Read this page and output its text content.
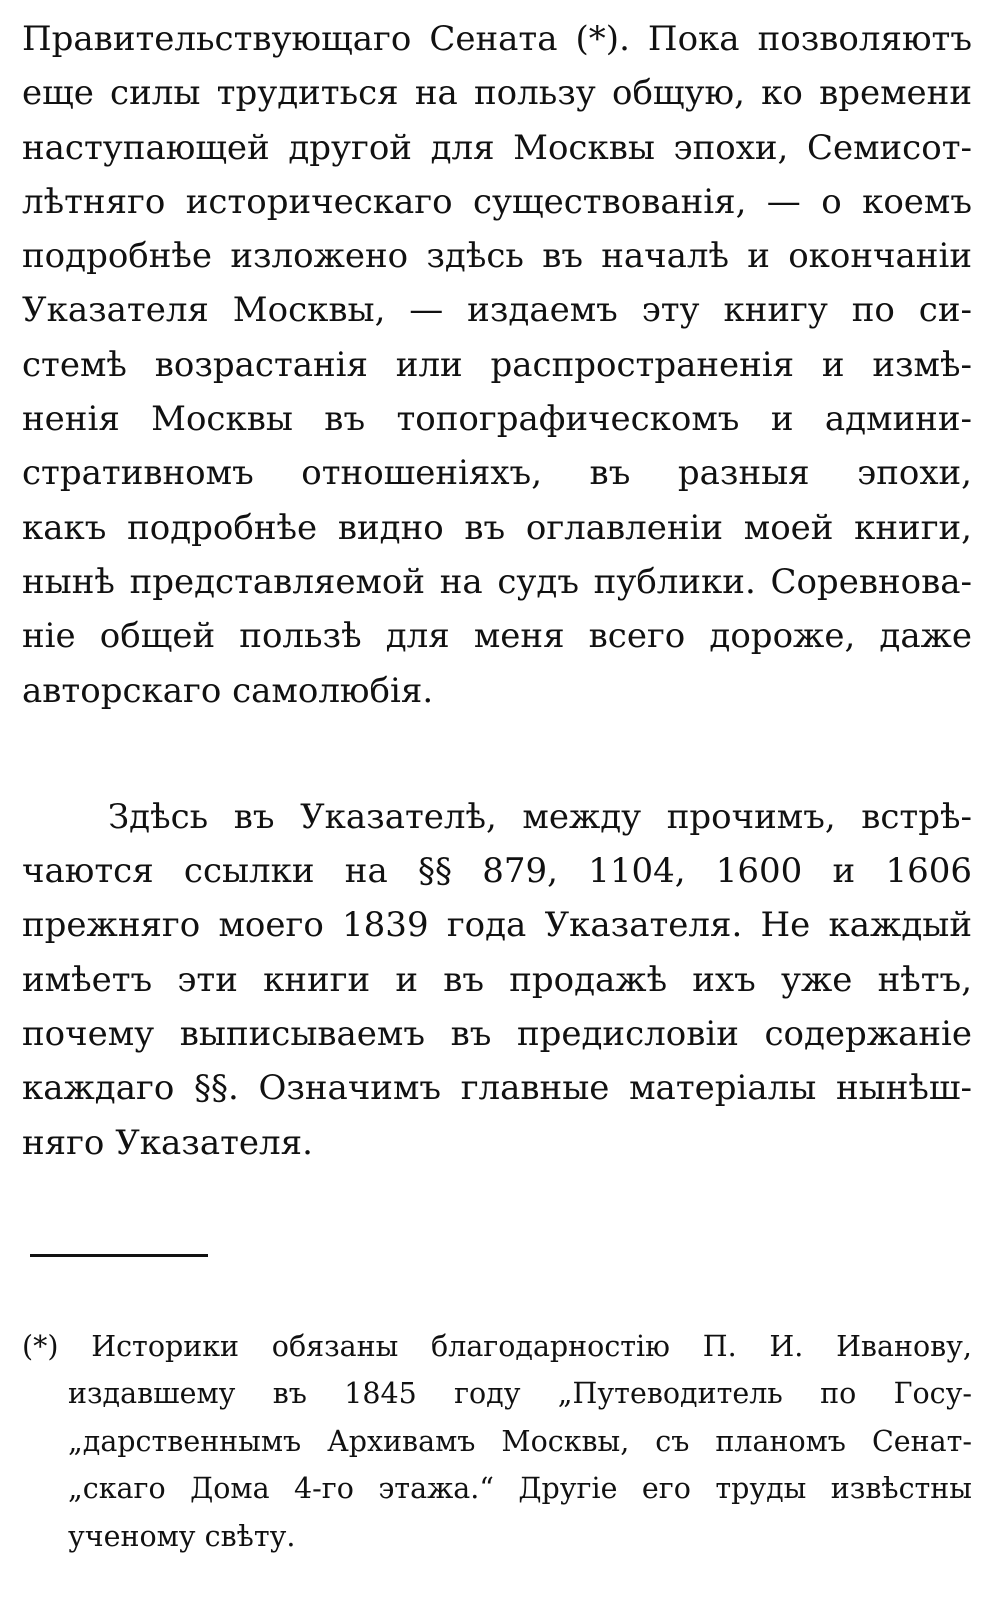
Правительствующаго Сената (*). Пока позволяютъ
еще силы трудиться на пользу общую, ко времени
наступающей другой для Москвы эпохи, Семисот-
лѣтняго историческаго существованія, — о коемъ
подробнѣе изложено здѣсь въ началѣ и окончаніи
Указателя Москвы, — издаемъ эту книгу по си-
стемѣ возрастанія или распространенія и измѣ-
ненія Москвы въ топографическомъ и админи-
стративномъ отношеніяхъ, въ разныя эпохи,
какъ подробнѣе видно въ оглавленіи моей книги,
нынѣ представляемой на судъ публики. Соревнова-
ніе общей пользѣ для меня всего дороже, даже
авторскаго самолюбія.
Здѣсь въ Указателѣ, между прочимъ, встрѣ-
чаются ссылки на §§ 879, 1104, 1600 и 1606
прежняго моего 1839 года Указателя. Не каждый
имѣетъ эти книги и въ продажѣ ихъ уже нѣтъ,
почему выписываемъ въ предисловіи содержаніе
каждаго §§. Означимъ главные матеріалы нынѣш-
няго Указателя.
(*) Историки обязаны благодарностію П. И. Иванову,
издавшему въ 1845 году „Путеводитель по Госу-
„дарственнымъ Архивамъ Москвы, съ планомъ Сенат-
„скаго Дома 4-го этажа.“ Другіе его труды извѣстны
ученому свѣту.
